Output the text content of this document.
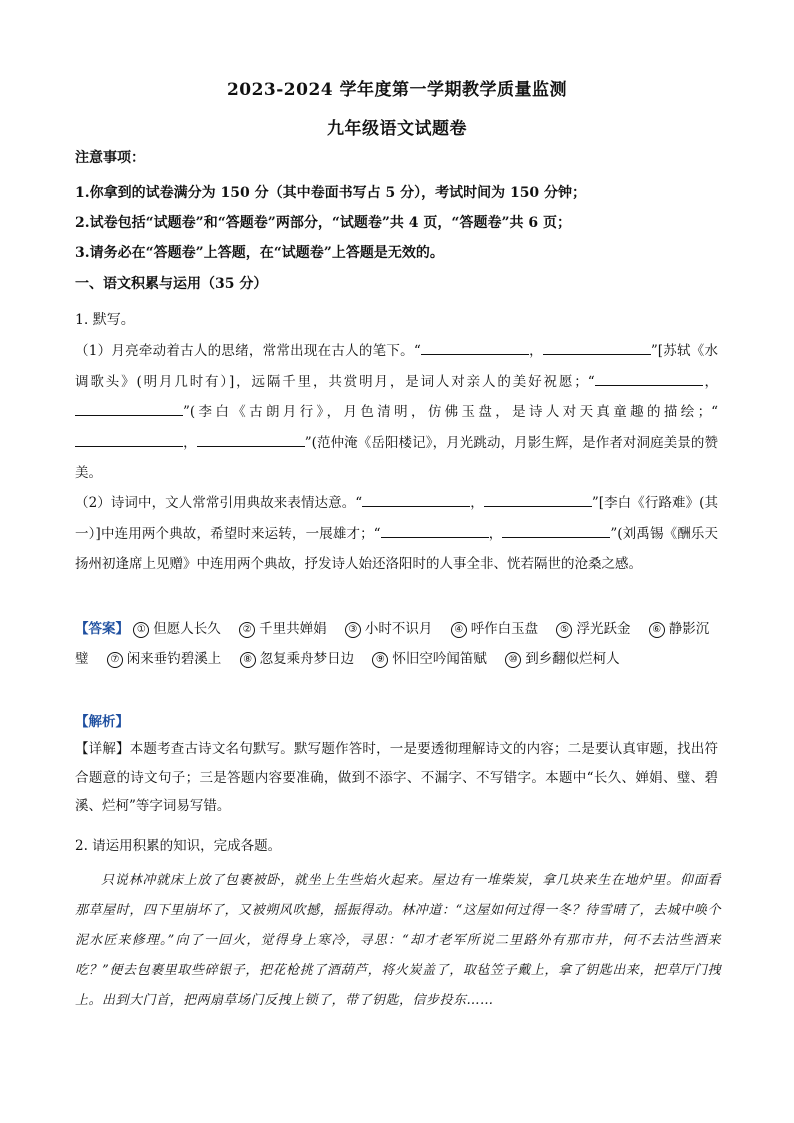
2023-2024 学年度第一学期教学质量监测
九年级语文试题卷
注意事项：
1.你拿到的试卷满分为 150 分（其中卷面书写占 5 分），考试时间为 150 分钟；
2.试卷包括“试题卷”和“答题卷”两部分，“试题卷”共 4 页，“答题卷”共 6 页；
3.请务必在“答题卷”上答题，在“试题卷”上答题是无效的。
一、语文积累与运用（35 分）
1. 默写。
（1）月亮牵动着古人的思绪，常常出现在古人的笔下。“	，	”[苏轼《水调歌头》(明月几时有）]，远隔千里，共赏明月，是词人对亲人的美好祝愿；“	，”(李白《古朗月行》，月色清明，仿佛玉盘，是诗人对天真童趣的描绘；“，	”(范仲淹《岳阳楼记》，月光跳动，月影生辉，是作者对洞庭美景的赞美。
（2）诗词中，文人常常引用典故来表情达意。“	，	”[李白《行路难》(其一）]中连用两个典故，希望时来运转，一展雄才；“	，	”(刘禹锡《酬乐天扬州初逢席上见赠》中连用两个典故，抒发诗人始还洛阳时的人事全非、恍若隔世的沧桑之感。
【答案】 ① 但愿人长久 ② 千里共婵娟 ③ 小时不识月 ④ 呼作白玉盘 ⑤ 浮光跃金 ⑥ 静影沉璧 ⑦ 闲来垂钓碧溪上 ⑧ 忽复乘舟梦日边 ⑨ 怀旧空吟闻笛赋 ⑩ 到乡翻似烂柯人
【解析】
【详解】本题考查古诗文名句默写。默写题作答时，一是要透彻理解诗文的内容；二是要认真审题，找出符合题意的诗文句子；三是答题内容要准确，做到不添字、不漏字、不写错字。本题中“长久、婵娟、璧、碧溪、烂柯”等字词易写错。
2. 请运用积累的知识，完成各题。
只说林冲就床上放了包裹被卧，就坐上生些焰火起来。屋边有一堆柴炭，拿几块来生在地炉里。仰面看那草屋时，四下里崩坏了，又被朔风吹撼，摇振得动。林冲道：“这屋如何过得一冬？待雪晴了，去城中唤个泥水匠来修理。”向了一回火，觉得身上寒冷，寻思：“却才老军所说二里路外有那市井，何不去沽些酒来吃？”便去包裹里取些碎银子，把花枪挑了酒葫芦，将火炭盖了，取毡笠子戴上，拿了钥匙出来，把草厅门拽上。出到大门首，把两扇草场门反拽上锁了，带了钥匙，信步投东……
